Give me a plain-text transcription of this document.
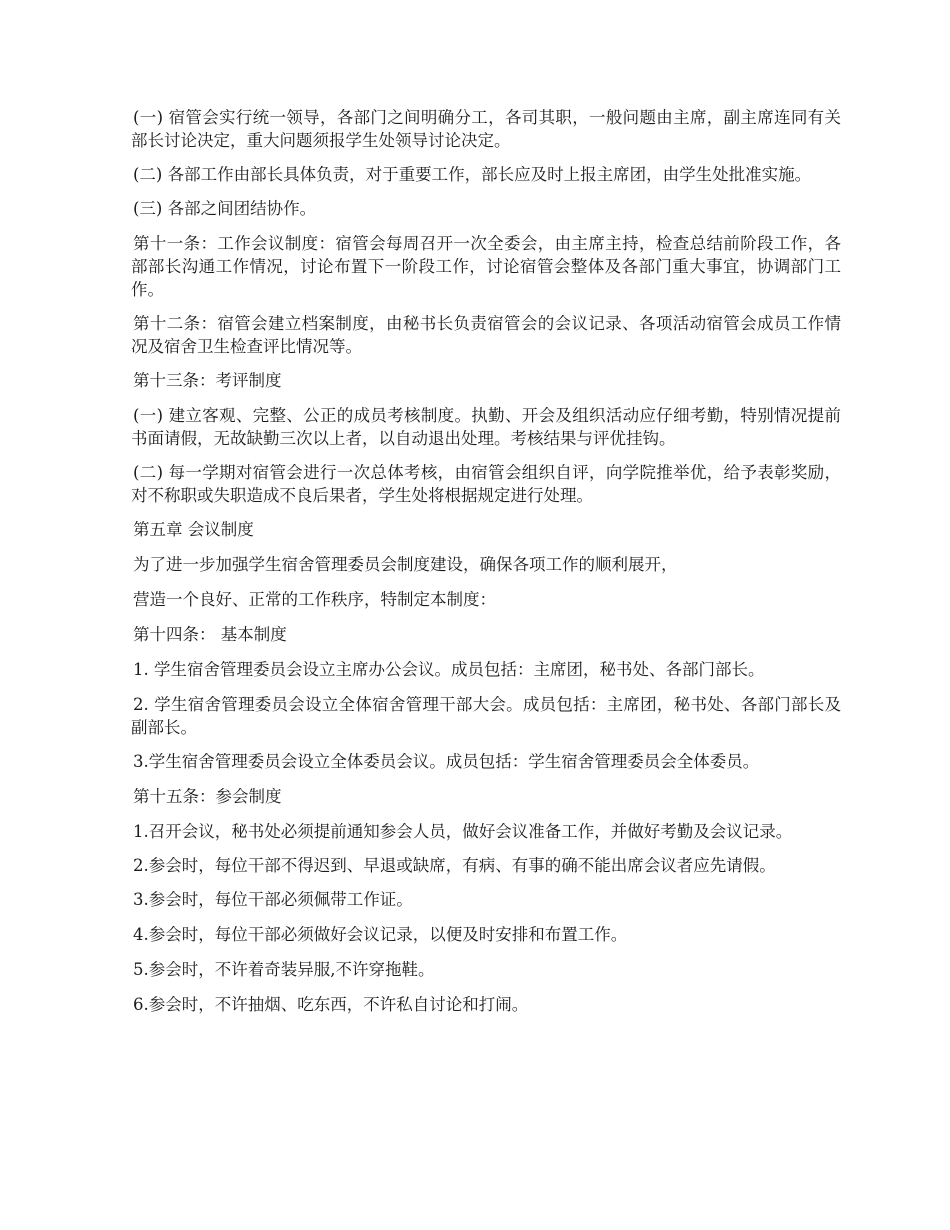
(一) 宿管会实行统一领导，各部门之间明确分工，各司其职，一般问题由主席，副主席连同有关部长讨论决定，重大问题须报学生处领导讨论决定。

(二) 各部工作由部长具体负责，对于重要工作，部长应及时上报主席团，由学生处批准实施。

(三) 各部之间团结协作。

第十一条：工作会议制度：宿管会每周召开一次全委会，由主席主持，检查总结前阶段工作，各部部长沟通工作情况，讨论布置下一阶段工作，讨论宿管会整体及各部门重大事宜，协调部门工作。

第十二条：宿管会建立档案制度，由秘书长负责宿管会的会议记录、各项活动宿管会成员工作情况及宿舍卫生检查评比情况等。

第十三条：考评制度

(一) 建立客观、完整、公正的成员考核制度。执勤、开会及组织活动应仔细考勤，特别情况提前书面请假，无故缺勤三次以上者，以自动退出处理。考核结果与评优挂钩。

(二) 每一学期对宿管会进行一次总体考核，由宿管会组织自评，向学院推举优，给予表彰奖励，对不称职或失职造成不良后果者，学生处将根据规定进行处理。

第五章 会议制度

为了进一步加强学生宿舍管理委员会制度建设，确保各项工作的顺利展开，

营造一个良好、正常的工作秩序，特制定本制度：

第十四条： 基本制度

1. 学生宿舍管理委员会设立主席办公会议。成员包括：主席团，秘书处、各部门部长。

2. 学生宿舍管理委员会设立全体宿舍管理干部大会。成员包括：主席团，秘书处、各部门部长及副部长。

3.学生宿舍管理委员会设立全体委员会议。成员包括：学生宿舍管理委员会全体委员。

第十五条：参会制度

1.召开会议，秘书处必须提前通知参会人员，做好会议准备工作，并做好考勤及会议记录。

2.参会时，每位干部不得迟到、早退或缺席，有病、有事的确不能出席会议者应先请假。

3.参会时，每位干部必须佩带工作证。

4.参会时，每位干部必须做好会议记录，以便及时安排和布置工作。

5.参会时，不许着奇装异服,不许穿拖鞋。

6.参会时，不许抽烟、吃东西，不许私自讨论和打闹。
